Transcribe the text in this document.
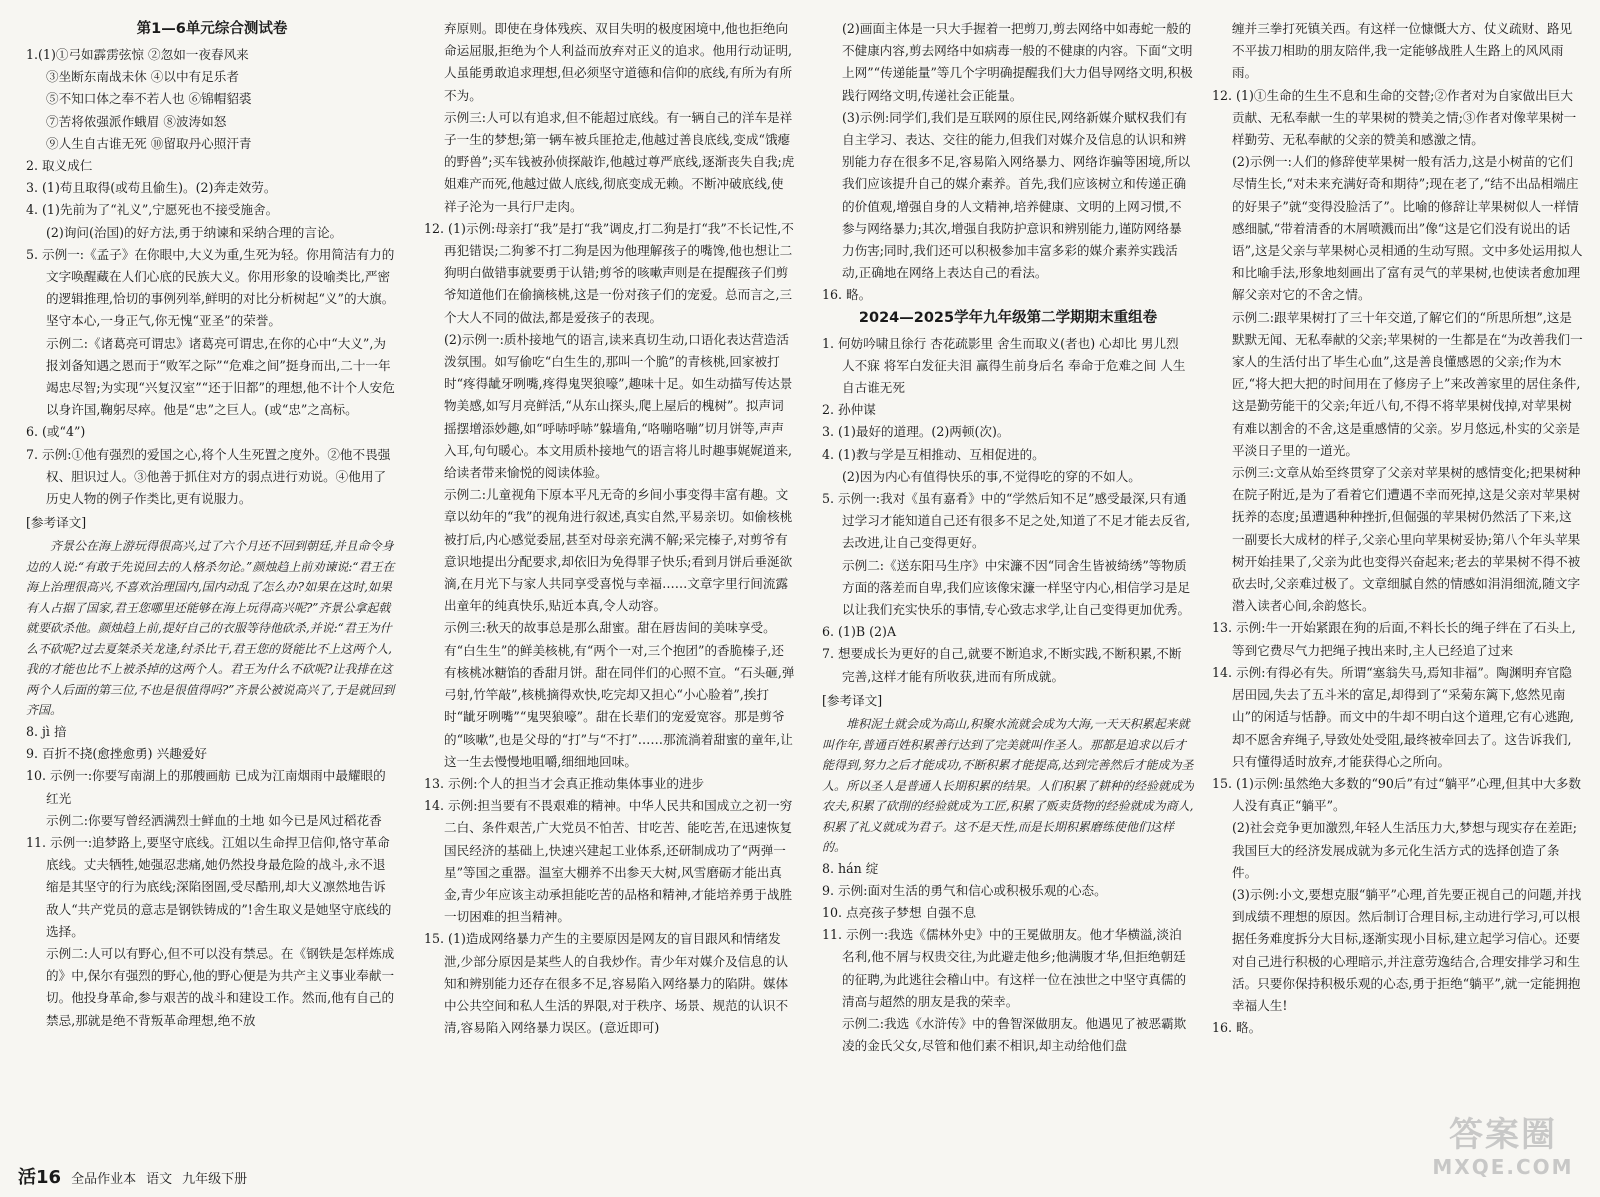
第1—6单元综合测试卷

1.(1)①弓如霹雳弦惊 ②忽如一夜春风来

③坐断东南战未休 ④以中有足乐者

⑤不知口体之奉不若人也 ⑥锦帽貂裘

⑦苦将侬强派作蛾眉 ⑧波涛如怒

⑨人生自古谁无死 ⑩留取丹心照汗青

2. 取义成仁

3. (1)苟且取得(或苟且偷生)。(2)奔走效劳。

4. (1)先前为了“礼义”,宁愿死也不接受施舍。

(2)询问(治国)的好方法,勇于纳谏和采纳合理的言论。

5. 示例一:《孟子》在你眼中,大义为重,生死为轻。你用简洁有力的文字唤醒藏在人们心底的民族大义。你用形象的设喻类比,严密的逻辑推理,恰切的事例列举,鲜明的对比分析树起“义”的大旗。坚守本心,一身正气,你无愧“亚圣”的荣誉。

示例二:《诸葛亮可谓忠》诸葛亮可谓忠,在你的心中“大义”,为报刘备知遇之恩而于“败军之际”“危难之间”挺身而出,二十一年竭忠尽智;为实现“兴复汉室”“还于旧都”的理想,他不计个人安危以身许国,鞠躬尽瘁。他是“忠”之巨人。(或“忠”之高标。

6. (或“4”)

7. 示例:①他有强烈的爱国之心,将个人生死置之度外。②他不畏强权、胆识过人。③他善于抓住对方的弱点进行劝说。④他用了历史人物的例子作类比,更有说服力。

[参考译文]

齐景公在海上游玩得很高兴,过了六个月还不回到朝廷,并且命令身边的人说:“有敢于先说回去的人格杀勿论。”颜烛趋上前劝谏说:“君王在海上治理很高兴,不喜欢治理国内,国内动乱了怎么办?如果在这时,如果有人占据了国家,君王您哪里还能够在海上玩得高兴呢?”齐景公拿起戟就要砍杀他。颜烛趋上前,提好自己的衣服等待他砍杀,并说:“君王为什么不砍呢?过去夏桀杀关龙逢,纣杀比干,君王您的贤能比不上这两个人,我的才能也比不上被杀掉的这两个人。君王为什么不砍呢?让我排在这两个人后面的第三位,不也是很值得吗?”齐景公被说高兴了,于是就回到齐国。

8. jì 揞

9. 百折不挠(愈挫愈勇) 兴趣爱好

10. 示例一:你要写南湖上的那艘画舫 已成为江南烟雨中最耀眼的红光

示例二:你要写曾经洒满烈士鲜血的土地 如今已是风过稻花香

11. 示例一:追梦路上,要坚守底线。江姐以生命捍卫信仰,恪守革命底线。丈夫牺牲,她强忍悲痛,她仍然投身最危险的战斗,永不退缩是其坚守的行为底线;深陷囹圄,受尽酷刑,却大义凛然地告诉敌人“共产党员的意志是钢铁铸成的”!舍生取义是她坚守底线的选择。

示例二:人可以有野心,但不可以没有禁忌。在《钢铁是怎样炼成的》中,保尔有强烈的野心,他的野心便是为共产主义事业奉献一切。他投身革命,参与艰苦的战斗和建设工作。然而,他有自己的禁忌,那就是绝不背叛革命理想,绝不放

弃原则。即使在身体残疾、双目失明的极度困境中,他也拒绝向命运屈服,拒绝为个人利益而放弃对正义的追求。他用行动证明,人虽能勇敢追求理想,但必须坚守道德和信仰的底线,有所为有所不为。

示例三:人可以有追求,但不能超过底线。有一辆自己的洋车是祥子一生的梦想;第一辆车被兵匪抢走,他越过善良底线,变成“饿瘪的野兽”;买车钱被孙侦探敲诈,他越过尊严底线,逐渐丧失自我;虎姐难产而死,他越过做人底线,彻底变成无赖。不断冲破底线,使祥子沦为一具行尸走肉。

12. (1)示例:母亲打“我”是打“我”调皮,打二狗是打“我”不长记性,不再犯错误;二狗爹不打二狗是因为他理解孩子的嘴馋,他也想让二狗明白做错事就要勇于认错;剪爷的咳嗽声则是在提醒孩子们剪爷知道他们在偷摘核桃,这是一份对孩子们的宠爱。总而言之,三个大人不同的做法,都是爱孩子的表现。

(2)示例一:质朴接地气的语言,读来真切生动,口语化表达营造活泼氛围。如写偷吃“白生生的,那叫一个脆”的青核桃,回家被打时“疼得龇牙咧嘴,疼得鬼哭狼嚎”,趣味十足。如生动描写传达景物美感,如写月亮鲜活,“从东山探头,爬上屋后的槐树”。拟声词摇摆增添妙趣,如“呼哧呼哧”躲墙角,“咯嘣咯嘣”切月饼等,声声入耳,句句暖心。本文用质朴接地气的语言将儿时趣事娓娓道来,给读者带来愉悦的阅读体验。

示例二:儿童视角下原本平凡无奇的乡间小事变得丰富有趣。文章以幼年的“我”的视角进行叙述,真实自然,平易亲切。如偷核桃被打后,内心感觉委屈,甚至对母亲充满不解;采完榛子,对剪爷有意识地提出分配要求,却依旧为免得罪子快乐;看到月饼后垂涎欲滴,在月光下与家人共同享受喜悦与幸福……文章字里行间流露出童年的纯真快乐,贴近本真,令人动容。

示例三:秋天的故事总是那么甜蜜。甜在唇齿间的美味享受。有“白生生”的鲜美核桃,有“两个一对,三个抱团”的香脆榛子,还有核桃冰糖馅的香甜月饼。甜在同伴们的心照不宣。“石头砸,弹弓射,竹竿敲”,核桃摘得欢快,吃完却又担心“小心脸着”,挨打时“龇牙咧嘴”“鬼哭狼嚎”。甜在长辈们的宠爱宽容。那是剪爷的“咳嗽”,也是父母的“打”与“不打”……那流淌着甜蜜的童年,让这一生去慢慢地咀嚼,细细地回味。

13. 示例:个人的担当才会真正推动集体事业的进步

14. 示例:担当要有不畏艰难的精神。中华人民共和国成立之初一穷二白、条件艰苦,广大党员不怕苦、甘吃苦、能吃苦,在迅速恢复国民经济的基础上,快速兴建起工业体系,还研制成功了“两弹一星”等国之重器。温室大棚养不出参天大树,风雪磨砺才能出真金,青少年应该主动承担能吃苦的品格和精神,才能培养勇于战胜一切困难的担当精神。

15. (1)造成网络暴力产生的主要原因是网友的盲目跟风和情绪发泄,少部分原因是某些人的自我炒作。青少年对媒介及信息的认知和辨别能力还存在很多不足,容易陷入网络暴力的陷阱。媒体中公共空间和私人生活的界限,对于秩序、场景、规范的认识不清,容易陷入网络暴力误区。(意近即可)

(2)画面主体是一只大手握着一把剪刀,剪去网络中如毒蛇一般的不健康内容,剪去网络中如病毒一般的不健康的内容。下面“文明上网”“传递能量”等几个字明确提醒我们大力倡导网络文明,积极践行网络文明,传递社会正能量。

(3)示例:同学们,我们是互联网的原住民,网络新媒介赋权我们有自主学习、表达、交往的能力,但我们对媒介及信息的认识和辨别能力存在很多不足,容易陷入网络暴力、网络诈骗等困境,所以我们应该提升自己的媒介素养。首先,我们应该树立和传递正确的价值观,增强自身的人文精神,培养健康、文明的上网习惯,不参与网络暴力;其次,增强自我防护意识和辨别能力,谨防网络暴力伤害;同时,我们还可以积极参加丰富多彩的媒介素养实践活动,正确地在网络上表达自己的看法。

16. 略。

2024—2025学年九年级第二学期期末重组卷

1. 何妨吟啸且徐行 杏花疏影里 舍生而取义(者也) 心却比 男儿烈 人不寐 将军白发征夫泪 赢得生前身后名 奉命于危难之间 人生自古谁无死

2. 孙仲谋

3. (1)最好的道理。(2)两顿(次)。

4. (1)教与学是互相推动、互相促进的。

(2)因为内心有值得快乐的事,不觉得吃的穿的不如人。

5. 示例一:我对《虽有嘉肴》中的“学然后知不足”感受最深,只有通过学习才能知道自己还有很多不足之处,知道了不足才能去反省,去改进,让自己变得更好。

示例二:《送东阳马生序》中宋濂不因“同舍生皆被绮绣”等物质方面的落差而自卑,我们应该像宋濂一样坚守内心,相信学习是足以让我们充实快乐的事情,专心致志求学,让自己变得更加优秀。

6. (1)B (2)A

7. 想要成长为更好的自己,就要不断追求,不断实践,不断积累,不断完善,这样才能有所收获,进而有所成就。

[参考译文]

堆积泥土就会成为高山,积聚水流就会成为大海,一天天积累起来就叫作年,普通百姓积累善行达到了完美就叫作圣人。那都是追求以后才能得到,努力之后才能成功,不断积累才能提高,达到完善然后才能成为圣人。所以圣人是普通人长期积累的结果。人们积累了耕种的经验就成为农夫,积累了砍削的经验就成为工匠,积累了贩卖货物的经验就成为商人,积累了礼义就成为君子。这不是天性,而是长期积累磨练使他们这样的。

8. hán 绽

9. 示例:面对生活的勇气和信心或积极乐观的心态。

10. 点亮孩子梦想 自强不息

11. 示例一:我选《儒林外史》中的王冕做朋友。他才华横溢,淡泊名利,他不屑与权贵交往,为此避走他乡;他满腹才华,但拒绝朝廷的征聘,为此逃往会稽山中。有这样一位在浊世之中坚守真儒的清高与超然的朋友是我的荣幸。

示例二:我选《水浒传》中的鲁智深做朋友。他遇见了被恶霸欺凌的金氏父女,尽管和他们素不相识,却主动给他们盘

缠并三拳打死镇关西。有这样一位慷慨大方、仗义疏财、路见不平拔刀相助的朋友陪伴,我一定能够战胜人生路上的风风雨雨。

12. (1)①生命的生生不息和生命的交替;②作者对为自家做出巨大贡献、无私奉献一生的苹果树的赞美之情;③作者对像苹果树一样勤劳、无私奉献的父亲的赞美和感激之情。

(2)示例一:人们的修辞使苹果树一般有活力,这是小树苗的它们尽情生长,“对未来充满好奇和期待”;现在老了,“结不出品相端庄的好果子”就“变得没脸活了”。比喻的修辞让苹果树似人一样情感细腻,“带着清香的木屑喷溅而出”像“这是它们没有说出的话语”,这是父亲与苹果树心灵相通的生动写照。文中多处运用拟人和比喻手法,形象地刻画出了富有灵气的苹果树,也使读者愈加理解父亲对它的不舍之情。

示例二:跟苹果树打了三十年交道,了解它们的“所思所想”,这是默默无闻、无私奉献的父亲;苹果树的一生都是在“为改善我们一家人的生活付出了毕生心血”,这是善良懂感恩的父亲;作为木匠,“将大把大把的时间用在了修房子上”来改善家里的居住条件,这是勤劳能干的父亲;年近八旬,不得不将苹果树伐掉,对苹果树有难以割舍的不舍,这是重感情的父亲。岁月悠远,朴实的父亲是平淡日子里的一道光。

示例三:文章从始至终贯穿了父亲对苹果树的感情变化;把果树种在院子附近,是为了看着它们遭遇不幸而死掉,这是父亲对苹果树抚养的态度;虽遭遇种种挫折,但倔强的苹果树仍然活了下来,这一副要长大成材的样子,父亲心里向苹果树妥协;第八个年头苹果树开始挂果了,父亲为此也变得兴奋起来;老去的苹果树不得不被砍去时,父亲难过极了。文章细腻自然的情感如涓涓细流,随文字潜入读者心间,余韵悠长。

13. 示例:牛一开始紧跟在狗的后面,不料长长的绳子绊在了石头上,等到它费尽气力把绳子拽出来时,主人已经追了过来

14. 示例:有得必有失。所谓“塞翁失马,焉知非福”。陶渊明弃官隐居田园,失去了五斗米的富足,却得到了“采菊东篱下,悠然见南山”的闲适与恬静。而文中的牛却不明白这个道理,它有心逃跑,却不愿舍弃绳子,导致处处受阻,最终被牵回去了。这告诉我们,只有懂得适时放弃,才能获得心之所向。

15. (1)示例:虽然绝大多数的“90后”有过“躺平”心理,但其中大多数人没有真正“躺平”。

(2)社会竞争更加激烈,年轻人生活压力大,梦想与现实存在差距;我国巨大的经济发展成就为多元化生活方式的选择创造了条件。

(3)示例:小文,要想克服“躺平”心理,首先要正视自己的问题,并找到成绩不理想的原因。然后制订合理目标,主动进行学习,可以根据任务难度拆分大目标,逐渐实现小目标,建立起学习信心。还要对自己进行积极的心理暗示,并注意劳逸结合,合理安排学习和生活。只要你保持积极乐观的心态,勇于拒绝“躺平”,就一定能拥抱幸福人生!

16. 略。

活16 全品作业本 语文 九年级下册
答案圈
MXQE.COM
